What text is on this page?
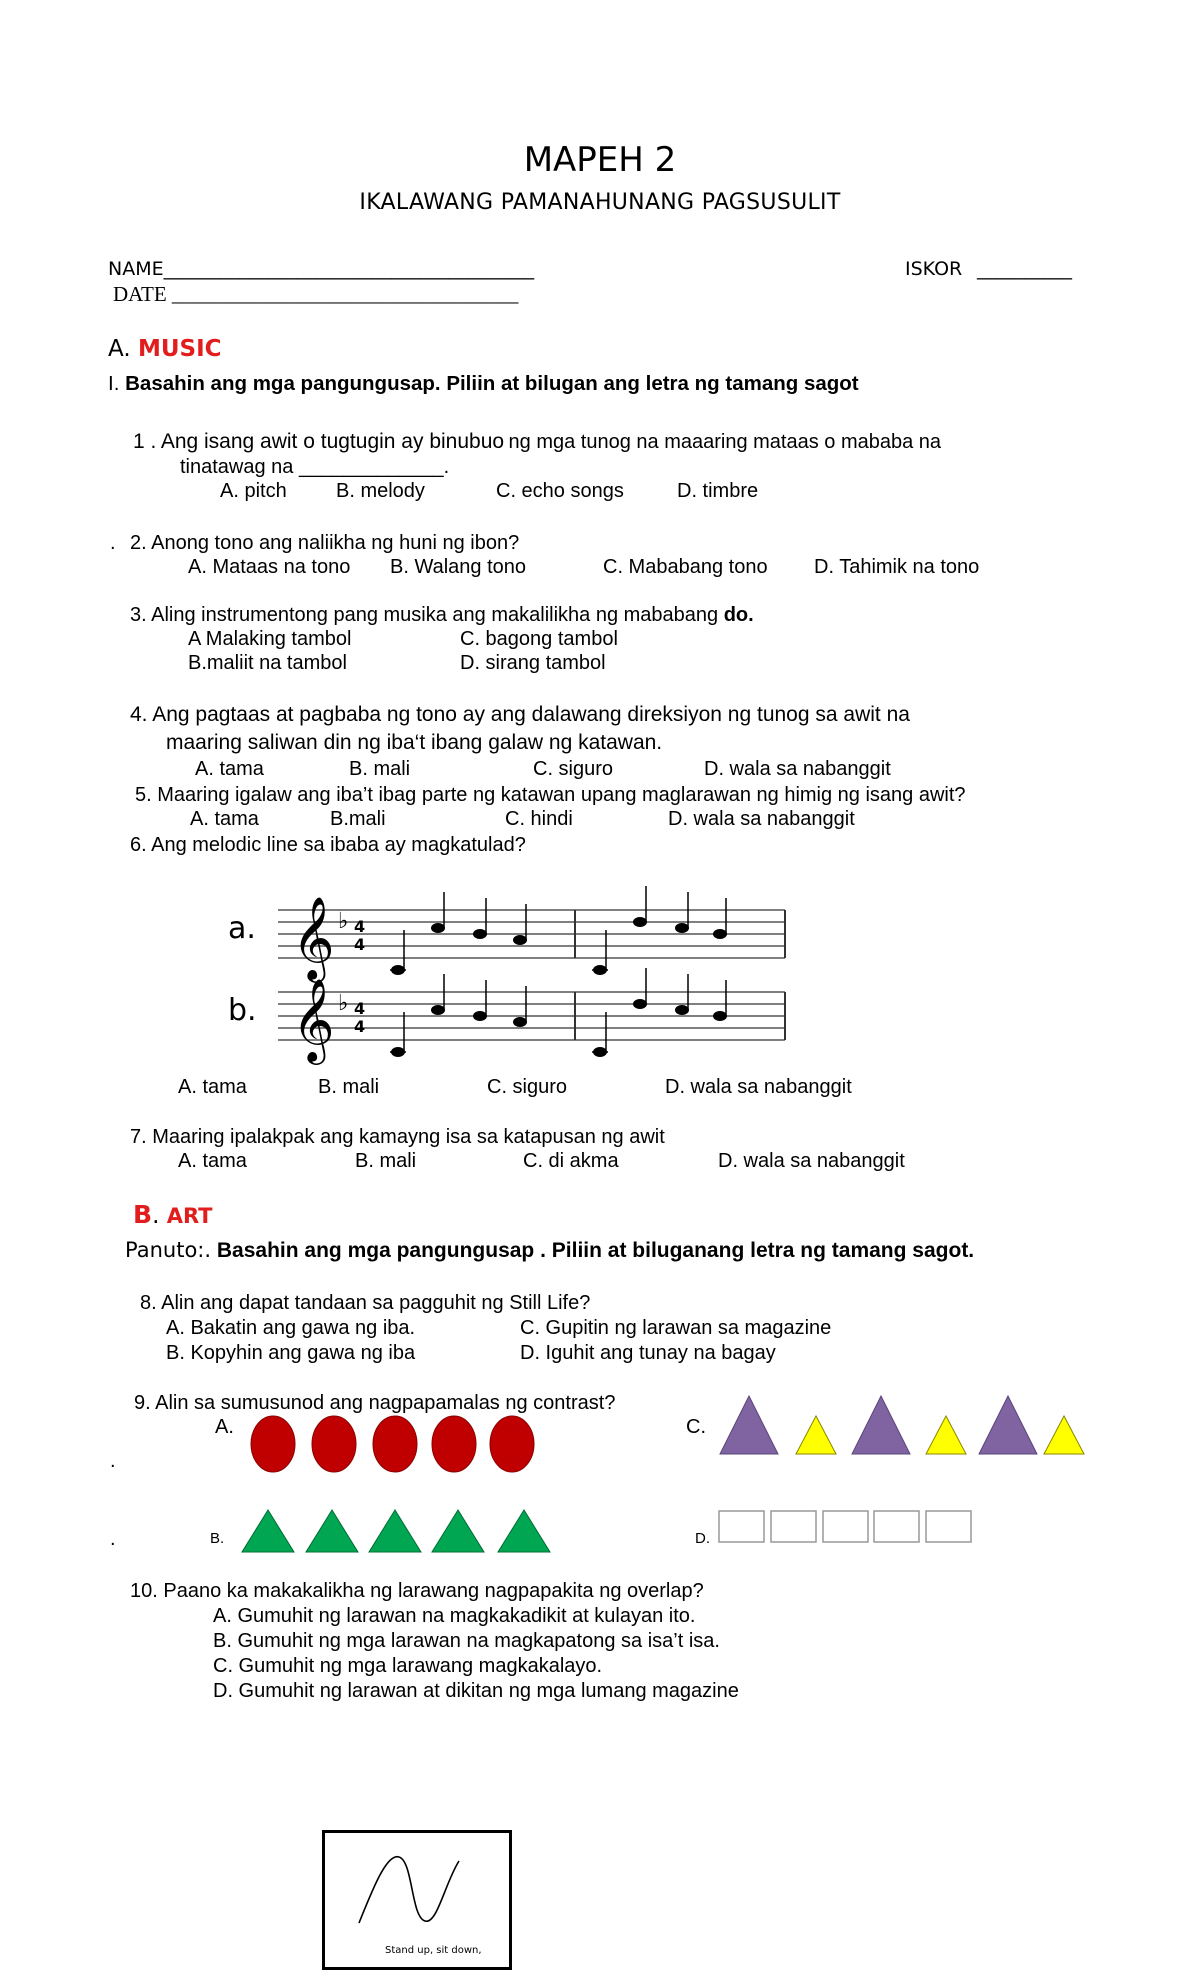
MAPEH 2
IKALAWANG PAMANAHUNANG PAGSUSULIT
NAME_______________________________________	ISKOR __________
DATE _________________________________
A. MUSIC
I. Basahin ang mga pangungusap. Piliin at bilugan ang letra ng tamang sagot
1 . Ang isang awit o tugtugin ay binubuo ng mga tunog na maaaring mataas o mababa na
tinatawag na _____________.
A. pitch B. melody	C. echo songs	D. timbre
. 2. Anong tono ang naliikha ng huni ng ibon?
A. Mataas na tono B. Walang tono	C. Mababang tono D. Tahimik na tono
3. Aling instrumentong pang musika ang makalilikha ng mababang do.
A Malaking tambol	C. bagong tambol
B.maliit na tambol	D. sirang tambol
4. Ang pagtaas at pagbaba ng tono ay ang dalawang direksiyon ng tunog sa awit na
maaring saliwan din ng iba‘t ibang galaw ng katawan.
A. tama	B. mali	C. siguro	D. wala sa nabanggit
5. Maaring igalaw ang iba’t ibag parte ng katawan upang maglarawan ng himig ng isang awit?
A. tama	B.mali	C. hindi	D. wala sa nabanggit
6. Ang melodic line sa ibaba ay magkatulad?
𝄞 ♭ 4
4
𝄞 ♭ 4
4
a.
b.
A. tama	B. mali	C. siguro	D. wala sa nabanggit
7. Maaring ipalakpak ang kamayng isa sa katapusan ng awit
A. tama	B. mali	C. di akma	D. wala sa nabanggit
B. ART
Panuto:. Basahin ang mga pangungusap . Piliin at biluganang letra ng tamang sagot.
8. Alin ang dapat tandaan sa pagguhit ng Still Life?
A. Bakatin ang gawa ng iba.	C. Gupitin ng larawan sa magazine
B. Kopyhin ang gawa ng iba	D. Iguhit ang tunay na bagay
9. Alin sa sumusunod ang nagpapamalas ng contrast?
A.	C.
.
B.
.	D.
10. Paano ka makakalikha ng larawang nagpapakita ng overlap?
A. Gumuhit ng larawan na magkakadikit at kulayan ito.
B. Gumuhit ng mga larawan na magkapatong sa isa’t isa.
C. Gumuhit ng mga larawang magkakalayo.
D. Gumuhit ng larawan at dikitan ng mga lumang magazine
Stand up, sit down,
